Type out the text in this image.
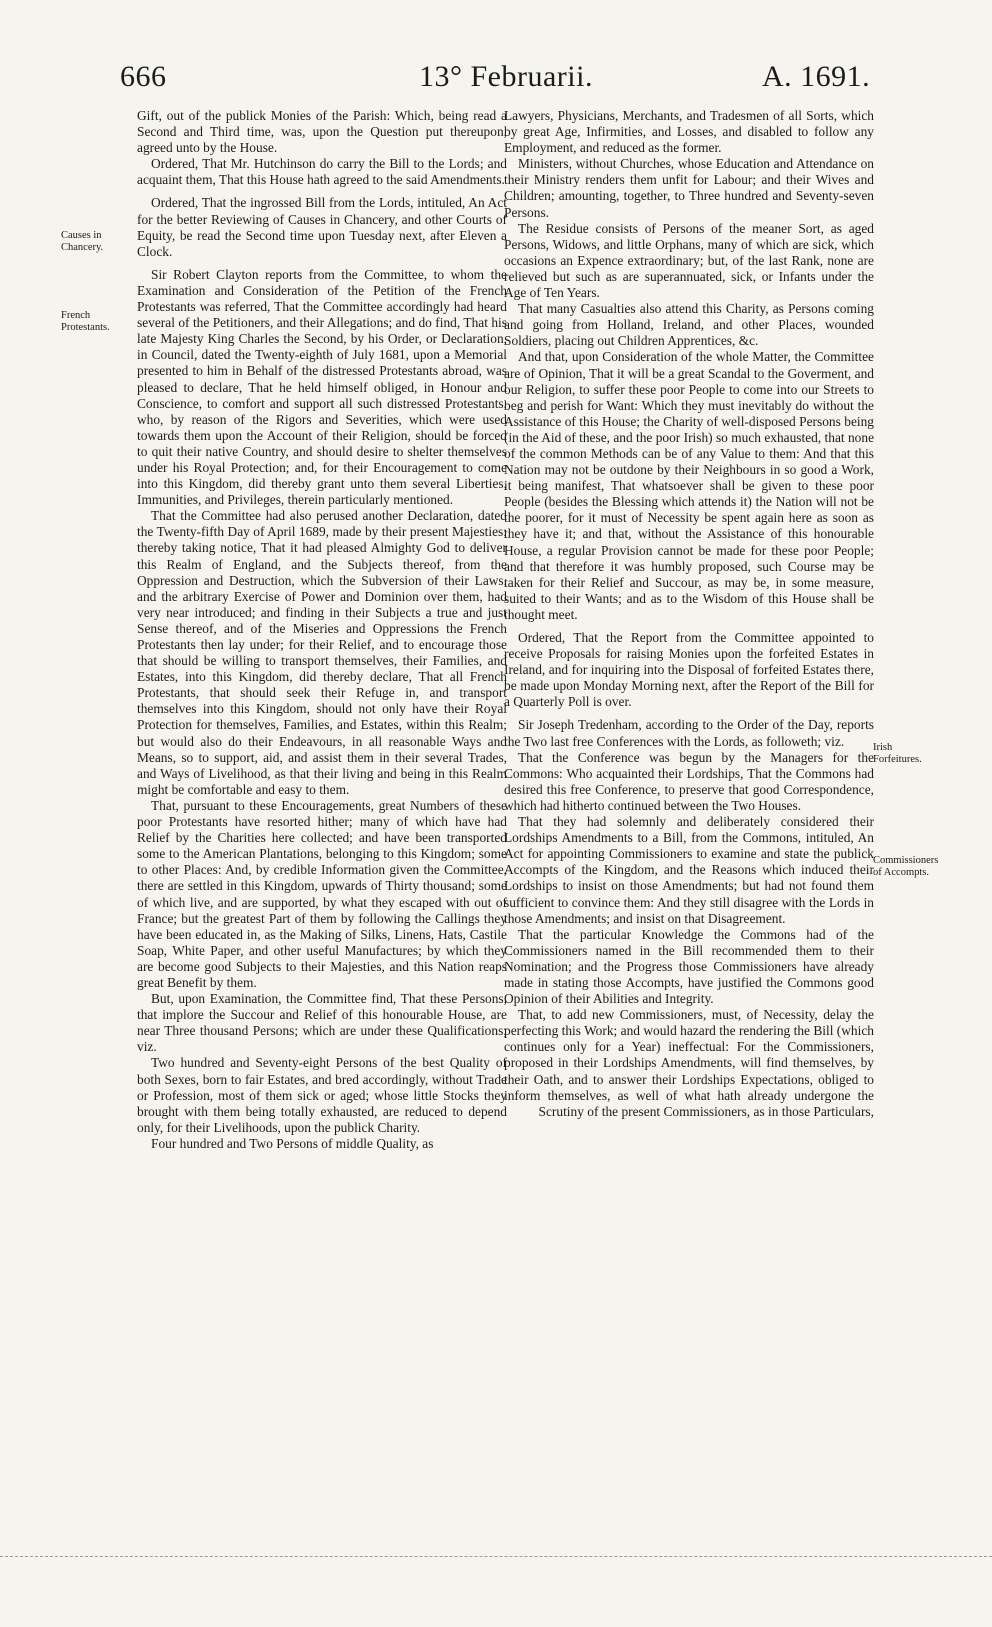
666	13° Februarii.	A. 1691.
Causes in Chancery.
French Protestants.
Irish Forfeitures.
Commissioners of Accompts.

Gift, out of the publick Monies of the Parish: Which, being read a Second and Third time, was, upon the Question put thereupon, agreed unto by the House.

Ordered, That Mr. Hutchinson do carry the Bill to the Lords; and acquaint them, That this House hath agreed to the said Amendments.

Ordered, That the ingrossed Bill from the Lords, intituled, An Act for the better Reviewing of Causes in Chancery, and other Courts of Equity, be read the Second time upon Tuesday next, after Eleven a Clock.

Sir Robert Clayton reports from the Committee, to whom the Examination and Consideration of the Petition of the French Protestants was referred, That the Committee accordingly had heard several of the Petitioners, and their Allegations; and do find, That his late Majesty King Charles the Second, by his Order, or Declaration, in Council, dated the Twenty-eighth of July 1681, upon a Memorial presented to him in Behalf of the distressed Protestants abroad, was pleased to declare, That he held himself obliged, in Honour and Conscience, to comfort and support all such distressed Protestants, who, by reason of the Rigors and Severities, which were used towards them upon the Account of their Religion, should be forced to quit their native Country, and should desire to shelter themselves under his Royal Protection; and, for their Encouragement to come into this Kingdom, did thereby grant unto them several Liberties, Immunities, and Privileges, therein particularly mentioned.

That the Committee had also perused another Declaration, dated the Twenty-fifth Day of April 1689, made by their present Majesties; thereby taking notice, That it had pleased Almighty God to deliver this Realm of England, and the Subjects thereof, from the Oppression and Destruction, which the Subversion of their Laws, and the arbitrary Exercise of Power and Dominion over them, had very near introduced; and finding in their Subjects a true and just Sense thereof, and of the Miseries and Oppressions the French Protestants then lay under; for their Relief, and to encourage those that should be willing to transport themselves, their Families, and Estates, into this Kingdom, did thereby declare, That all French Protestants, that should seek their Refuge in, and transport themselves into this Kingdom, should not only have their Royal Protection for themselves, Families, and Estates, within this Realm; but would also do their Endeavours, in all reasonable Ways and Means, so to support, aid, and assist them in their several Trades, and Ways of Livelihood, as that their living and being in this Realm might be comfortable and easy to them.

That, pursuant to these Encouragements, great Numbers of these poor Protestants have resorted hither; many of which have had Relief by the Charities here collected; and have been transported some to the American Plantations, belonging to this Kingdom; some to other Places: And, by credible Information given the Committee, there are settled in this Kingdom, upwards of Thirty thousand; some of which live, and are supported, by what they escaped with out of France; but the greatest Part of them by following the Callings they have been educated in, as the Making of Silks, Linens, Hats, Castile Soap, White Paper, and other useful Manufactures; by which they are become good Subjects to their Majesties, and this Nation reaps great Benefit by them.

But, upon Examination, the Committee find, That these Persons, that implore the Succour and Relief of this honourable House, are near Three thousand Persons; which are under these Qualifications; viz.

Two hundred and Seventy-eight Persons of the best Quality of both Sexes, born to fair Estates, and bred accordingly, without Trade or Profession, most of them sick or aged; whose little Stocks they brought with them being totally exhausted, are reduced to depend only, for their Livelihoods, upon the publick Charity.

Four hundred and Two Persons of middle Quality, as

Lawyers, Physicians, Merchants, and Tradesmen of all Sorts, which by great Age, Infirmities, and Losses, and disabled to follow any Employment, and reduced as the former.

Ministers, without Churches, whose Education and Attendance on their Ministry renders them unfit for Labour; and their Wives and Children; amounting, together, to Three hundred and Seventy-seven Persons.

The Residue consists of Persons of the meaner Sort, as aged Persons, Widows, and little Orphans, many of which are sick, which occasions an Expence extraordinary; but, of the last Rank, none are relieved but such as are superannuated, sick, or Infants under the Age of Ten Years.

That many Casualties also attend this Charity, as Persons coming and going from Holland, Ireland, and other Places, wounded Soldiers, placing out Children Apprentices, &c.

And that, upon Consideration of the whole Matter, the Committee are of Opinion, That it will be a great Scandal to the Goverment, and our Religion, to suffer these poor People to come into our Streets to beg and perish for Want: Which they must inevitably do without the Assistance of this House; the Charity of well-disposed Persons being (in the Aid of these, and the poor Irish) so much exhausted, that none of the common Methods can be of any Value to them: And that this Nation may not be outdone by their Neighbours in so good a Work, it being manifest, That whatsoever shall be given to these poor People (besides the Blessing which attends it) the Nation will not be the poorer, for it must of Necessity be spent again here as soon as they have it; and that, without the Assistance of this honourable House, a regular Provision cannot be made for these poor People; and that therefore it was humbly proposed, such Course may be taken for their Relief and Succour, as may be, in some measure, suited to their Wants; and as to the Wisdom of this House shall be thought meet.

Ordered, That the Report from the Committee appointed to receive Proposals for raising Monies upon the forfeited Estates in Ireland, and for inquiring into the Disposal of forfeited Estates there, be made upon Monday Morning next, after the Report of the Bill for a Quarterly Poll is over.

Sir Joseph Tredenham, according to the Order of the Day, reports the Two last free Conferences with the Lords, as followeth; viz.

That the Conference was begun by the Managers for the Commons: Who acquainted their Lordships, That the Commons had desired this free Conference, to preserve that good Correspondence, which had hitherto continued between the Two Houses.

That they had solemnly and deliberately considered their Lordships Amendments to a Bill, from the Commons, intituled, An Act for appointing Commissioners to examine and state the publick Accompts of the Kingdom, and the Reasons which induced their Lordships to insist on those Amendments; but had not found them sufficient to convince them: And they still disagree with the Lords in those Amendments; and insist on that Disagreement.

That the particular Knowledge the Commons had of the Commissioners named in the Bill recommended them to their Nomination; and the Progress those Commissioners have already made in stating those Accompts, have justified the Commons good Opinion of their Abilities and Integrity.

That, to add new Commissioners, must, of Necessity, delay the perfecting this Work; and would hazard the rendering the Bill (which continues only for a Year) ineffectual: For the Commissioners, proposed in their Lordships Amendments, will find themselves, by their Oath, and to answer their Lordships Expectations, obliged to inform themselves, as well of what hath already undergone the Scrutiny of the present Commissioners, as in those Particulars,
